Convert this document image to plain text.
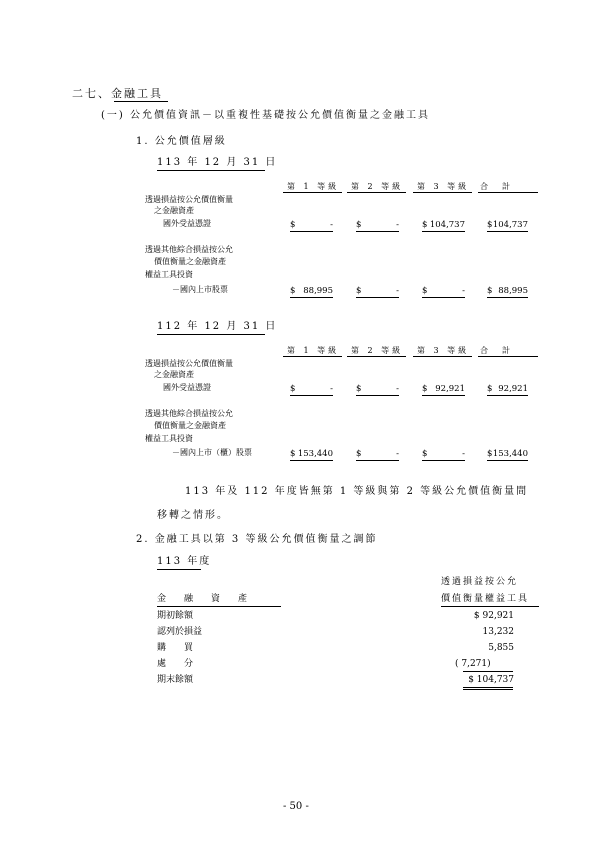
二七、金融工具
(一) 公允價值資訊－以重複性基礎按公允價值衡量之金融工具
1. 公允價值層級
113 年 12 月 31 日
第 1 等級 第 2 等級 第 3 等級 合　計
透過損益按公允價值衡量
之金融資產
國外受益憑證	$	-	$	-	$ 104,737	$ 104,737
透過其他綜合損益按公允
價值衡量之金融資產
權益工具投資
－國內上市股票	$ 88,995	$	-	$	-	$ 88,995
112 年 12 月 31 日
第 1 等級 第 2 等級 第 3 等級 合　計
透過損益按公允價值衡量
之金融資產
國外受益憑證	$	-	$	-	$ 92,921	$ 92,921
透過其他綜合損益按公允
價值衡量之金融資產
權益工具投資
－國內上市（櫃）股票	$ 153,440	$	-	$	-	$ 153,440
113 年及 112 年度皆無第 1 等級與第 2 等級公允價值衡量間
移轉之情形。
2. 金融工具以第 3 等級公允價值衡量之調節
113 年度
透過損益按公允
價值衡量權益工具
金　　融　　資　　產
期初餘額	$ 92,921
認列於損益	13,232
購　　買	5,855
處　　分	( 7,271)
期末餘額	$ 104,737
- 50 -
